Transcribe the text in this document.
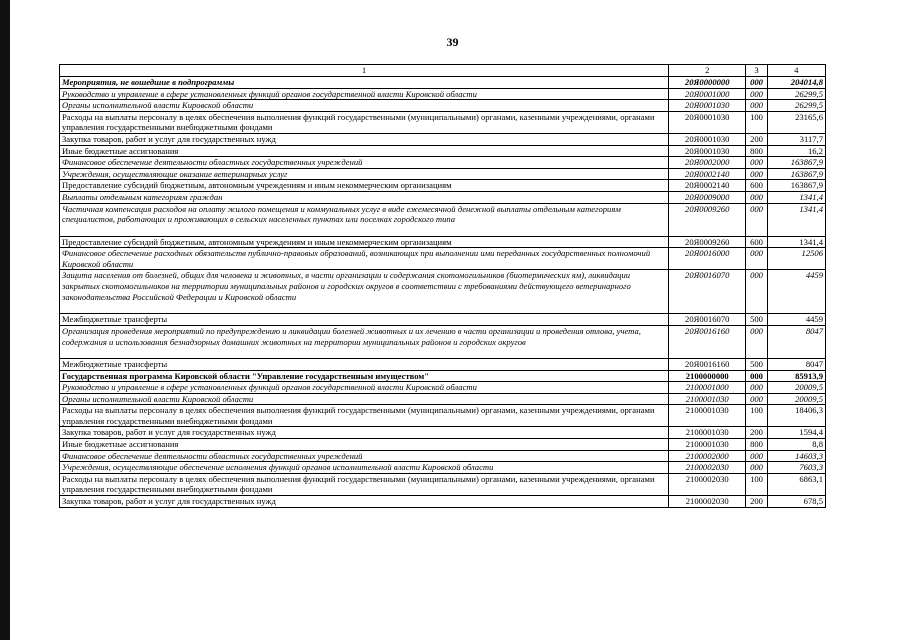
39
1	2	3	4
Мероприятия, не вошедшие в подпрограммы	20Я0000000	000	204014,8
Руководство и управление в сфере установленных функций органов государственной власти Кировской области	20Я0001000	000	26299,5
Органы исполнительной власти Кировской области	20Я0001030	000	26299,5
Расходы на выплаты персоналу в целях обеспечения выполнения функций государственными (муниципальными) органами, казенными учреждениями, органами управления государственными внебюджетными фондами	20Я0001030	100	23165,6
Закупка товаров, работ и услуг для государственных нужд	20Я0001030	200	3117,7
Иные бюджетные ассигнования	20Я0001030	800	16,2
Финансовое обеспечение деятельности областных государственных учреждений	20Я0002000	000	163867,9
Учреждения, осуществляющие оказание ветеринарных услуг	20Я0002140	000	163867,9
Предоставление субсидий бюджетным, автономным учреждениям и иным некоммерческим организациям	20Я0002140	600	163867,9
Выплаты отдельным категориям граждан	20Я0009000	000	1341,4
Частичная компенсация расходов на оплату жилого помещения и коммунальных услуг в виде ежемесячной денежной выплаты отдельным категориям специалистов, работающих и проживающих в сельских населенных пунктах или поселках городского типа	20Я0009260	000	1341,4
Предоставление субсидий бюджетным, автономным учреждениям и иным некоммерческим организациям	20Я0009260	600	1341,4
Финансовое обеспечение расходных обязательств публично-правовых образований, возникающих при выполнении ими переданных государственных полномочий Кировской области	20Я0016000	000	12506
Защита населения от болезней, общих для человека и животных, в части организации и содержания скотомогильников (биотермических ям), ликвидации закрытых скотомогильников на территории муниципальных районов и городских округов в соответствии с требованиями действующего ветеринарного законодательства Российской Федерации и Кировской области	20Я0016070	000	4459
Межбюджетные трансферты	20Я0016070	500	4459
Организация проведения мероприятий по предупреждению и ликвидации болезней животных и их лечению в части организации и проведения отлова, учета, содержания и использования безнадзорных домашних животных на территории муниципальных районов и городских округов	20Я0016160	000	8047
Межбюджетные трансферты	20Я0016160	500	8047
Государственная программа Кировской области "Управление государственным имуществом"	2100000000	000	85913,9
Руководство и управление в сфере установленных функций органов государственной власти Кировской области	2100001000	000	20009,5
Органы исполнительной власти Кировской области	2100001030	000	20009,5
Расходы на выплаты персоналу в целях обеспечения выполнения функций государственными (муниципальными) органами, казенными учреждениями, органами управления государственными внебюджетными фондами	2100001030	100	18406,3
Закупка товаров, работ и услуг для государственных нужд	2100001030	200	1594,4
Иные бюджетные ассигнования	2100001030	800	8,8
Финансовое обеспечение деятельности областных государственных учреждений	2100002000	000	14603,3
Учреждения, осуществляющие обеспечение исполнения функций органов исполнительной власти Кировской области	2100002030	000	7603,3
Расходы на выплаты персоналу в целях обеспечения выполнения функций государственными (муниципальными) органами, казенными учреждениями, органами управления государственными внебюджетными фондами	2100002030	100	6863,1
Закупка товаров, работ и услуг для государственных нужд	2100002030	200	678,5
